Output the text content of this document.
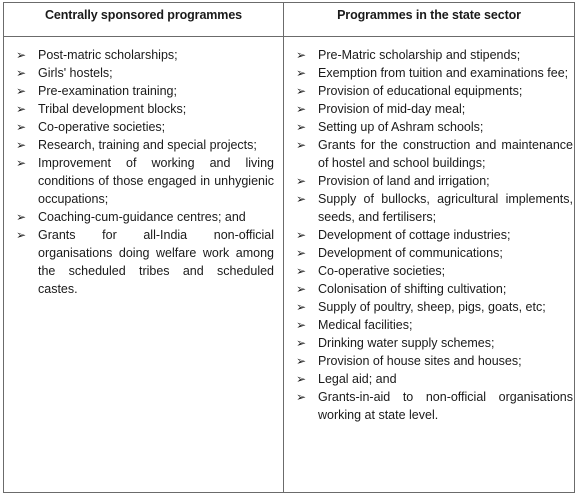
Centrally sponsored programmes
➢ Post-matric scholarships;
➢ Girls' hostels;
➢ Pre-examination training;
➢ Tribal development blocks;
➢ Co-operative societies;
➢ Research, training and special projects;
➢ Improvement of working and living conditions of those engaged in unhygienic occupations;
➢ Coaching-cum-guidance centres; and
➢ Grants for all-India non-official organisations doing welfare work among the scheduled tribes and scheduled castes.
Programmes in the state sector
➢ Pre-Matric scholarship and stipends;
➢ Exemption from tuition and examinations fee;
➢ Provision of educational equipments;
➢ Provision of mid-day meal;
➢ Setting up of Ashram schools;
➢ Grants for the construction and maintenance of hostel and school buildings;
➢ Provision of land and irrigation;
➢ Supply of bullocks, agricultural implements, seeds, and fertilisers;
➢ Development of cottage industries;
➢ Development of communications;
➢ Co-operative societies;
➢ Colonisation of shifting cultivation;
➢ Supply of poultry, sheep, pigs, goats, etc;
➢ Medical facilities;
➢ Drinking water supply schemes;
➢ Provision of house sites and houses;
➢ Legal aid; and
➢ Grants-in-aid to non-official organisations working at state level.
